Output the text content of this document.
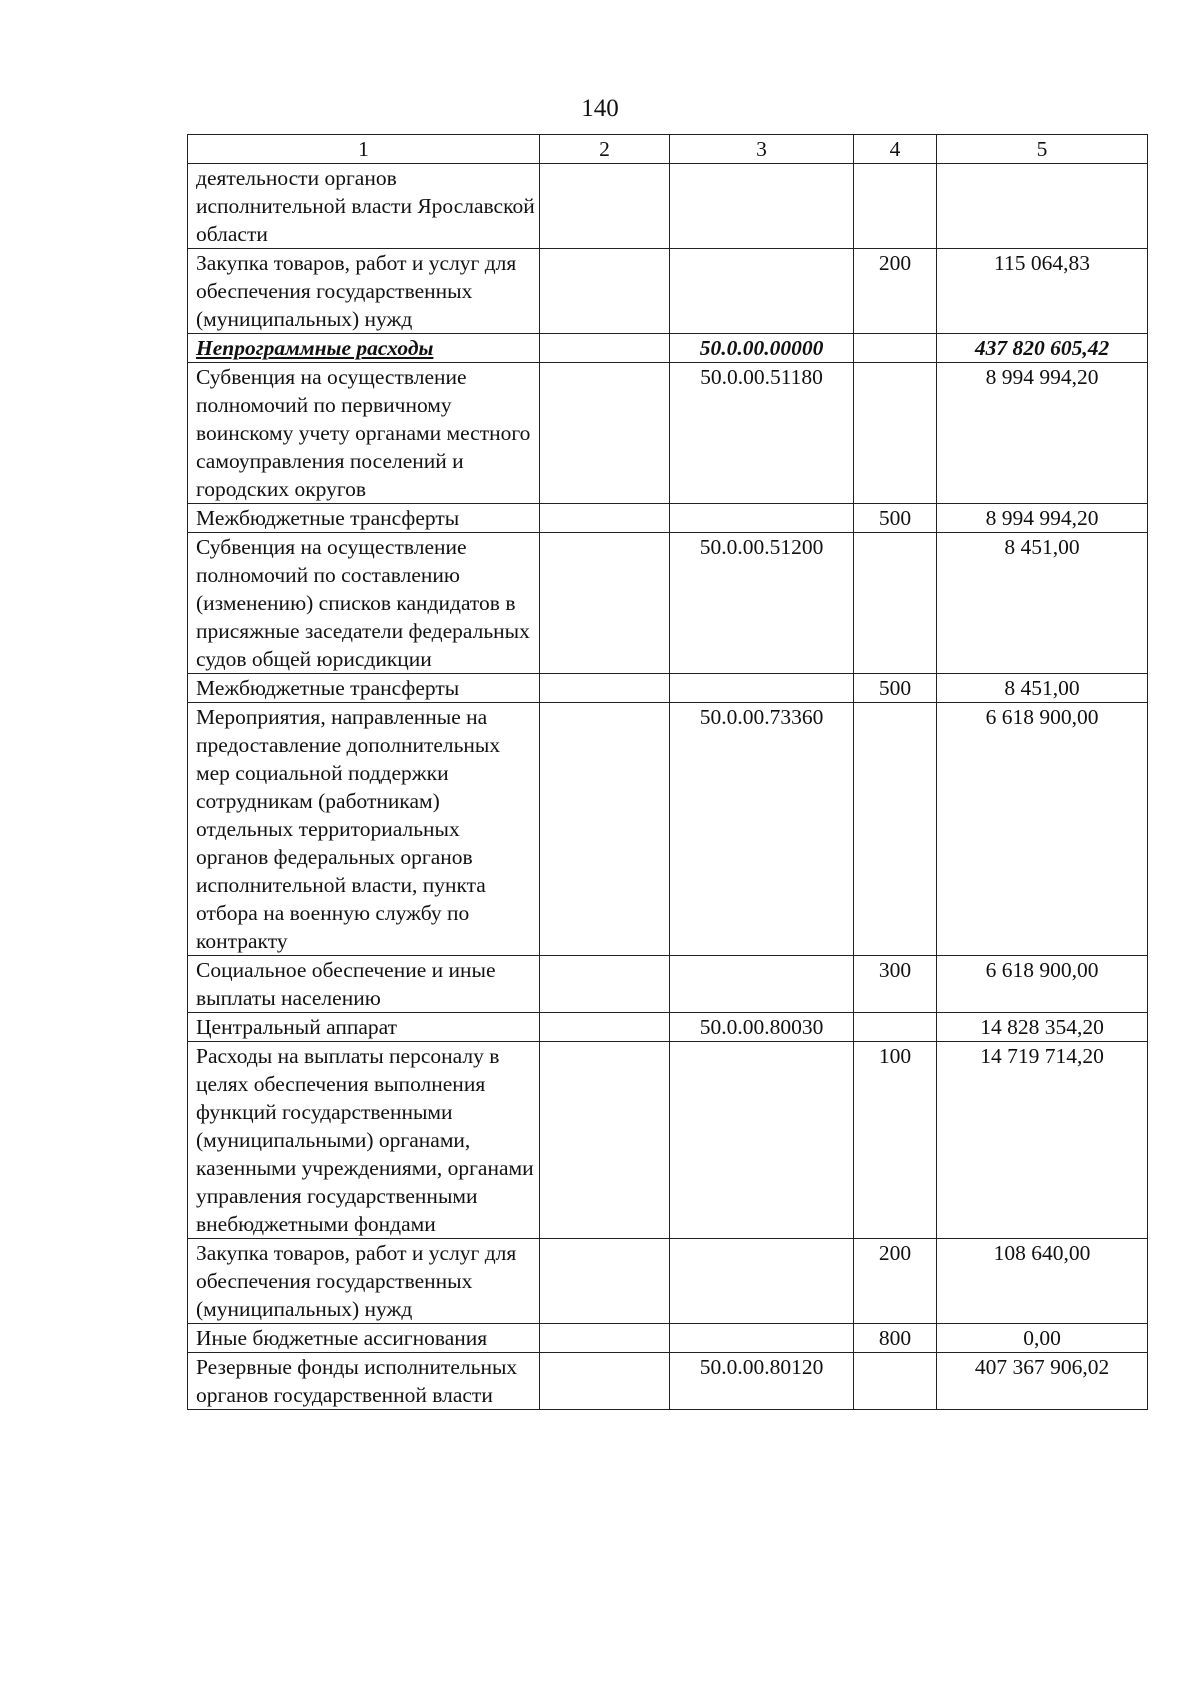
140
1	2	3	4	5
деятельности органов исполнительной власти Ярославской области				
Закупка товаров, работ и услуг для обеспечения государственных (муниципальных) нужд			200	115 064,83
Непрограммные расходы		50.0.00.00000		437 820 605,42
Субвенция на осуществление полномочий по первичному воинскому учету органами местного самоуправления поселений и городских округов		50.0.00.51180		8 994 994,20
Межбюджетные трансферты			500	8 994 994,20
Субвенция на осуществление полномочий по составлению (изменению) списков кандидатов в присяжные заседатели федеральных судов общей юрисдикции		50.0.00.51200		8 451,00
Межбюджетные трансферты			500	8 451,00
Мероприятия, направленные на предоставление дополнительных мер социальной поддержки сотрудникам (работникам) отдельных территориальных органов федеральных органов исполнительной власти, пункта отбора на военную службу по контракту		50.0.00.73360		6 618 900,00
Социальное обеспечение и иные выплаты населению			300	6 618 900,00
Центральный аппарат		50.0.00.80030		14 828 354,20
Расходы на выплаты персоналу в целях обеспечения выполнения функций государственными (муниципальными) органами, казенными учреждениями, органами управления государственными внебюджетными фондами			100	14 719 714,20
Закупка товаров, работ и услуг для обеспечения государственных (муниципальных) нужд			200	108 640,00
Иные бюджетные ассигнования			800	0,00
Резервные фонды исполнительных органов государственной власти		50.0.00.80120		407 367 906,02
